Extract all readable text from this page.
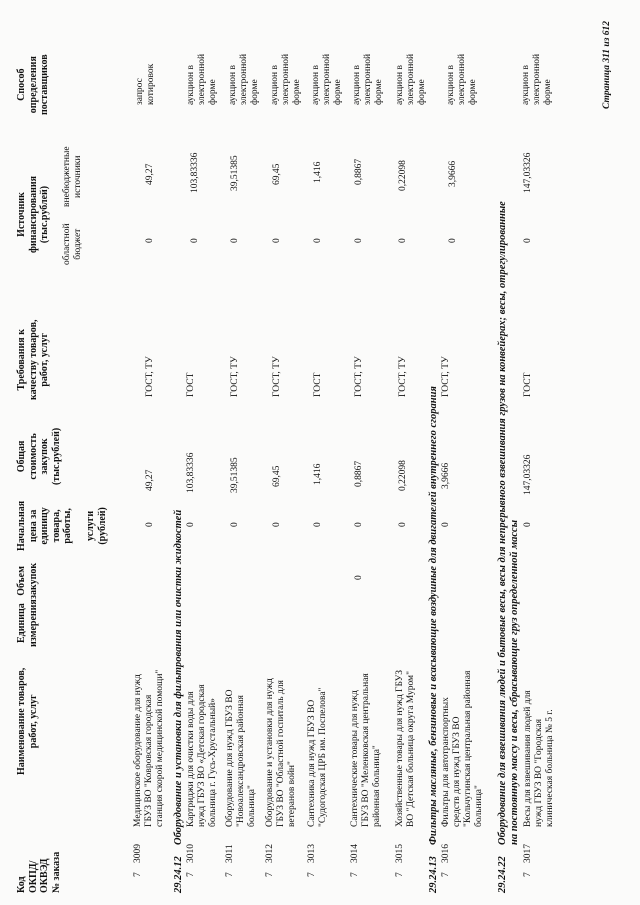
Код
ОКПД/
ОКВЭД
№ заказа
Наименование товаров,
работ, услуг
Единица
измерения
Объем
закупок
Начальная
цена за
единицу
товара,
работы,

услуги
(рублей)
Общая
стоимость
закупок
(тыс.рублей)
Требования к
качеству товаров,
работ, услуг
Источник
финансирования
(тыс.рублей)
областной
бюджет
внебюджетные
источники
Способ
определения
поставщиков
7
3009
Медицинское оборудование для нужд
ГБУЗ ВО "Ковровская городская
станция скорой медицинской помощи"
0
49,27
ГОСТ, ТУ
0
49,27
запрос
котировок
29.24.12
Оборудование и установки для фильтрования или очистки жидкостей
7
3010
Картриджи для очистки воды для
нужд ГБУЗ ВО «Детская городская
больница г. Гусь-Хрустальный»
0
103,83336
ГОСТ
0
103,83336
аукцион в
электронной
форме
7
3011
Оборудование для нужд ГБУЗ ВО
"Новоалександровская районная
больница"
0
39,51385
ГОСТ, ТУ
0
39,51385
аукцион в
электронной
форме
7
3012
Оборудование и установки для нужд
ГБУЗ ВО "Областной госпиталь для
ветеранов войн"
0
69,45
ГОСТ, ТУ
0
69,45
аукцион в
электронной
форме
7
3013
Сантехника для нужд ГБУЗ ВО
"Судогодская ЦРБ им. Поспелова"
0
1,416
ГОСТ
0
1,416
аукцион в
электронной
форме
7
3014
Сантехнические товары для нужд
ГБУЗ ВО "Меленковская центральная
районная больница"
0
0
0,8867
ГОСТ, ТУ
0
0,8867
аукцион в
электронной
форме
7
3015
Хозяйственные товары для нужд ГБУЗ
ВО "Детская больница округа Муром"
0
0,22098
ГОСТ, ТУ
0
0,22098
аукцион в
электронной
форме
29.24.13
Фильтры масляные, бензиновые и всасывающие воздушные для двигателей внутреннего сгорания
7
3016
Фильтры для автотранспортных
средств для нужд ГБУЗ ВО
"Кольчугинская центральная районная
больница"
0
3,9666
ГОСТ, ТУ
0
3,9666
аукцион в
электронной
форме
29.24.22
Оборудование для взвешивания людей и бытовые весы, весы для непрерывного взвешивания грузов на конвейерах; весы, отрегулированные
на постоянную массу и весы, сбрасывающие груз определенной массы
7
3017
Весы для взвешивания людей для
нужд ГБУЗ ВО "Городская
клиническая больница № 5 г.
0
147,03326
ГОСТ
0
147,03326
аукцион в
электронной
форме	Страница 311 из 612
